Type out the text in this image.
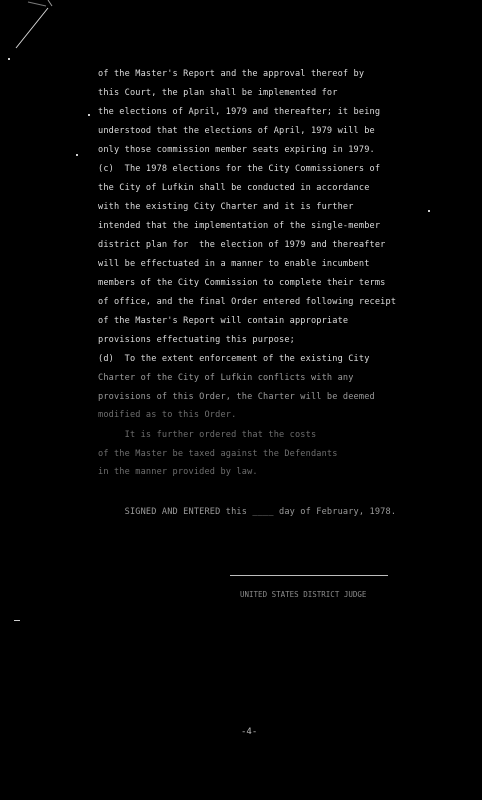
of the Master's Report and the approval thereof by
this Court, the plan shall be implemented for
the elections of April, 1979 and thereafter; it being
understood that the elections of April, 1979 will be
only those commission member seats expiring in 1979.
(c)  The 1978 elections for the City Commissioners of
the City of Lufkin shall be conducted in accordance
with the existing City Charter and it is further
intended that the implementation of the single-member
district plan for  the election of 1979 and thereafter
will be effectuated in a manner to enable incumbent
members of the City Commission to complete their terms
of office, and the final Order entered following receipt
of the Master's Report will contain appropriate
provisions effectuating this purpose;
(d)  To the extent enforcement of the existing City
Charter of the City of Lufkin conflicts with any
provisions of this Order, the Charter will be deemed
modified as to this Order.
It is further ordered that the costs
of the Master be taxed against the Defendants
in the manner provided by law.
SIGNED AND ENTERED this ____ day of February, 1978.
UNITED STATES DISTRICT JUDGE
-4-
